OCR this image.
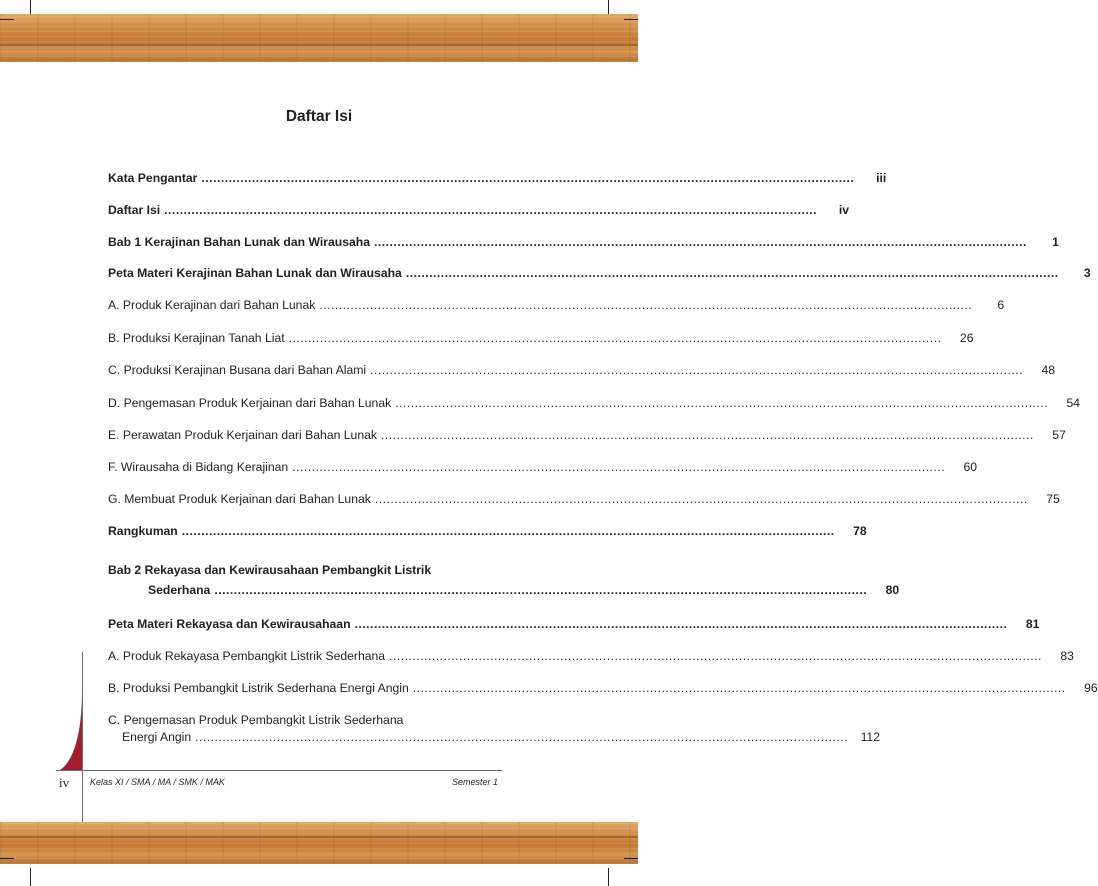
Daftar Isi
Kata Pengantar ........................................................................................................................................................................	iii
Daftar Isi ........................................................................................................................................................................	iv
Bab 1 Kerajinan Bahan Lunak dan Wirausaha ........................................................................................................................................................................	1
Peta Materi Kerajinan Bahan Lunak dan Wirausaha ........................................................................................................................................................................	3
A. Produk Kerajinan dari Bahan Lunak ........................................................................................................................................................................	6
B. Produksi Kerajinan Tanah Liat ........................................................................................................................................................................	26
C. Produksi Kerajinan Busana dari Bahan Alami ........................................................................................................................................................................	48
D. Pengemasan Produk Kerjainan dari Bahan Lunak ........................................................................................................................................................................	54
E. Perawatan Produk Kerjainan dari Bahan Lunak ........................................................................................................................................................................	57
F. Wirausaha di Bidang Kerajinan ........................................................................................................................................................................	60
G. Membuat Produk Kerjainan dari Bahan Lunak ........................................................................................................................................................................	75
Rangkuman ........................................................................................................................................................................	78
Bab 2 Rekayasa dan Kewirausahaan Pembangkit Listrik
Sederhana ........................................................................................................................................................................	80
Peta Materi Rekayasa dan Kewirausahaan ........................................................................................................................................................................	81
A. Produk Rekayasa Pembangkit Listrik Sederhana ........................................................................................................................................................................	83
B. Produksi Pembangkit Listrik Sederhana Energi Angin ........................................................................................................................................................................	96
C. Pengemasan Produk Pembangkit Listrik Sederhana
Energi Angin ........................................................................................................................................................................	112
iv Kelas XI / SMA / MA / SMK / MAK	Semester 1
